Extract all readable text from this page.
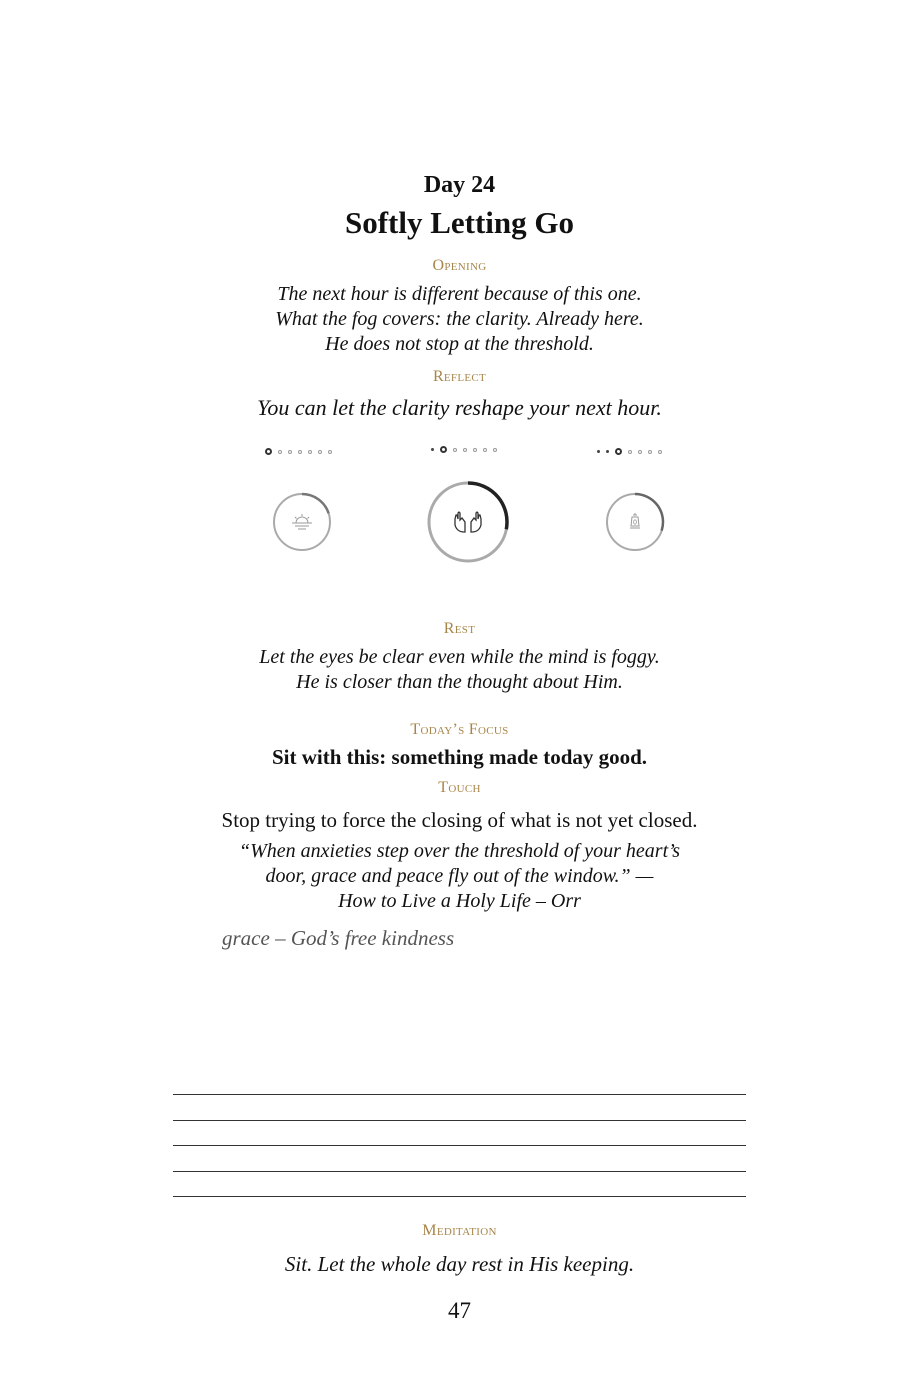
Day 24
Softly Letting Go
Opening
The next hour is different because of this one.
What the fog covers: the clarity. Already here.
He does not stop at the threshold.
Reflect
You can let the clarity reshape your next hour.
Rest
Let the eyes be clear even while the mind is foggy.
He is closer than the thought about Him.
Today’s Focus
Sit with this: something made today good.
Touch
Stop trying to force the closing of what is not yet closed.
“When anxieties step over the threshold of your heart’s
door, grace and peace fly out of the window.” —
How to Live a Holy Life – Orr
grace – God’s free kindness
Meditation
Sit. Let the whole day rest in His keeping.
47
